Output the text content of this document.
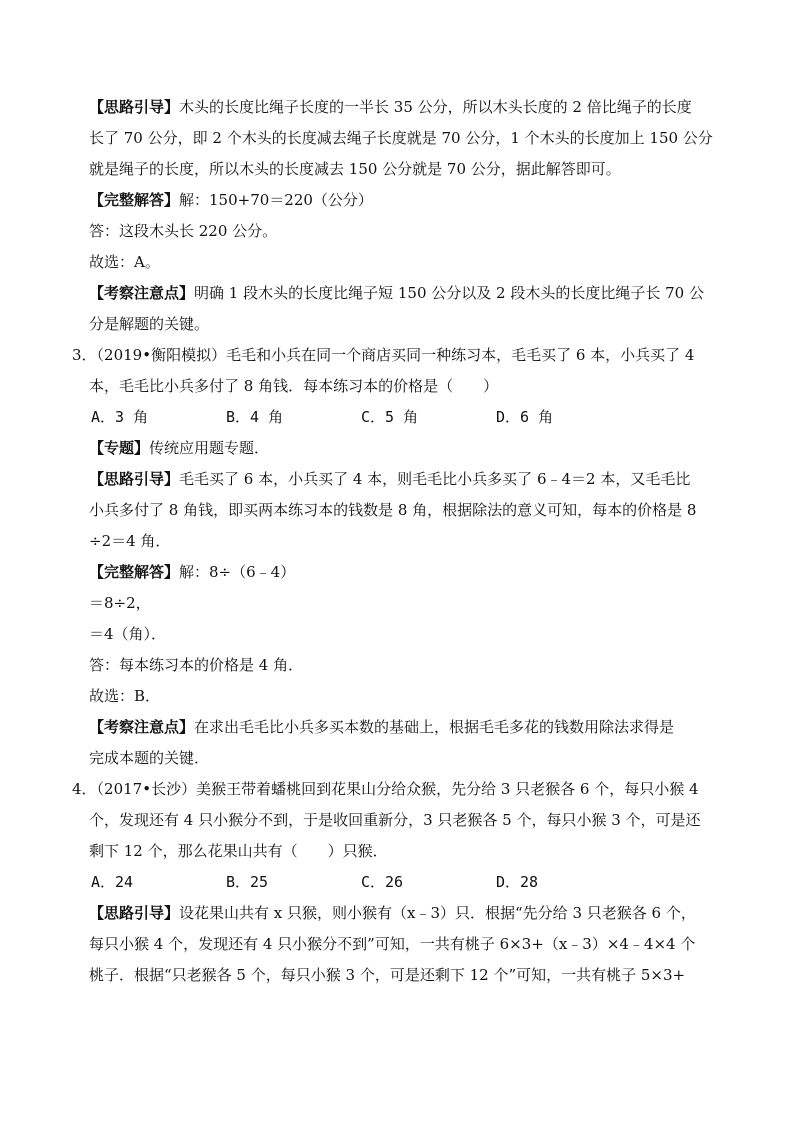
【思路引导】木头的长度比绳子长度的一半长 35 公分，所以木头长度的 2 倍比绳子的长度
长了 70 公分，即 2 个木头的长度减去绳子长度就是 70 公分，1 个木头的长度加上 150 公分
就是绳子的长度，所以木头的长度减去 150 公分就是 70 公分，据此解答即可。
【完整解答】解：150+70＝220（公分）
答：这段木头长 220 公分。
故选：A。
【考察注意点】明确 1 段木头的长度比绳子短 150 公分以及 2 段木头的长度比绳子长 70 公
分是解题的关键。
3．（2019•衡阳模拟）毛毛和小兵在同一个商店买同一种练习本，毛毛买了 6 本，小兵买了 4
本，毛毛比小兵多付了 8 角钱．每本练习本的价格是（　　）
A．3 角	B．4 角	C．5 角	D．6 角
【专题】传统应用题专题．
【思路引导】毛毛买了 6 本，小兵买了 4 本，则毛毛比小兵多买了 6﹣4＝2 本，又毛毛比
小兵多付了 8 角钱，即买两本练习本的钱数是 8 角，根据除法的意义可知，每本的价格是 8
÷2＝4 角．
【完整解答】解：8÷（6﹣4）
＝8÷2，
＝4（角）．
答：每本练习本的价格是 4 角．
故选：B．
【考察注意点】在求出毛毛比小兵多买本数的基础上，根据毛毛多花的钱数用除法求得是
完成本题的关键．
4．（2017•长沙）美猴王带着蟠桃回到花果山分给众猴，先分给 3 只老猴各 6 个，每只小猴 4
个，发现还有 4 只小猴分不到，于是收回重新分，3 只老猴各 5 个，每只小猴 3 个，可是还
剩下 12 个，那么花果山共有（　　）只猴．
A．24	B．25	C．26	D．28
【思路引导】设花果山共有 x 只猴，则小猴有（x﹣3）只．根据“先分给 3 只老猴各 6 个，
每只小猴 4 个，发现还有 4 只小猴分不到”可知，一共有桃子 6×3+（x﹣3）×4﹣4×4 个
桃子．根据“只老猴各 5 个，每只小猴 3 个，可是还剩下 12 个”可知，一共有桃子 5×3+
